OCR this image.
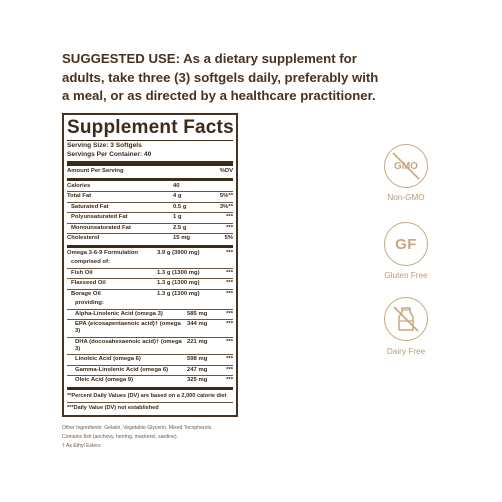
SUGGESTED USE: As a dietary supplement for adults, take three (3) softgels daily, preferably with a meal, or as directed by a healthcare practitioner.

Supplement Facts
Serving Size: 3 Softgels
Servings Per Container: 40
Amount Per Serving	%DV
Calories	40
Total Fat	4 g	5%**
Saturated Fat	0.5 g	3%**
Polyunsaturated Fat	1 g	***
Monounsaturated Fat	2.5 g	***
Cholesterol	15 mg	5%
Omega 3-6-9 Formulation	3.9 g (3900 mg)	***
comprised of:
Fish Oil	1.3 g (1300 mg)	***
Flaxseed Oil	1.3 g (1300 mg)	***
Borage Oil	1.3 g (1300 mg)	***
providing:
Alpha-Linolenic Acid (omega 3)	585 mg	***
EPA (eicosapentaenoic acid)† (omega 3)
344 mg	***
DHA (docosahexaenoic acid)† (omega 3)
221 mg	***
Linoleic Acid (omega 6)	598 mg	***
Gamma-Linolenic Acid (omega 6)	247 mg	***
Oleic Acid (omega 9)	325 mg	***
**Percent Daily Values (DV) are based on a 2,000 calorie diet
***Daily Value (DV) not established
Other Ingredients: Gelatin, Vegetable Glycerin, Mixed Tocopherols.
Contains fish (anchovy, herring, mackerel, sardine).
† As Ethyl Esters
GMO
Non-GMO
GF
Gluten Free
Dairy Free
